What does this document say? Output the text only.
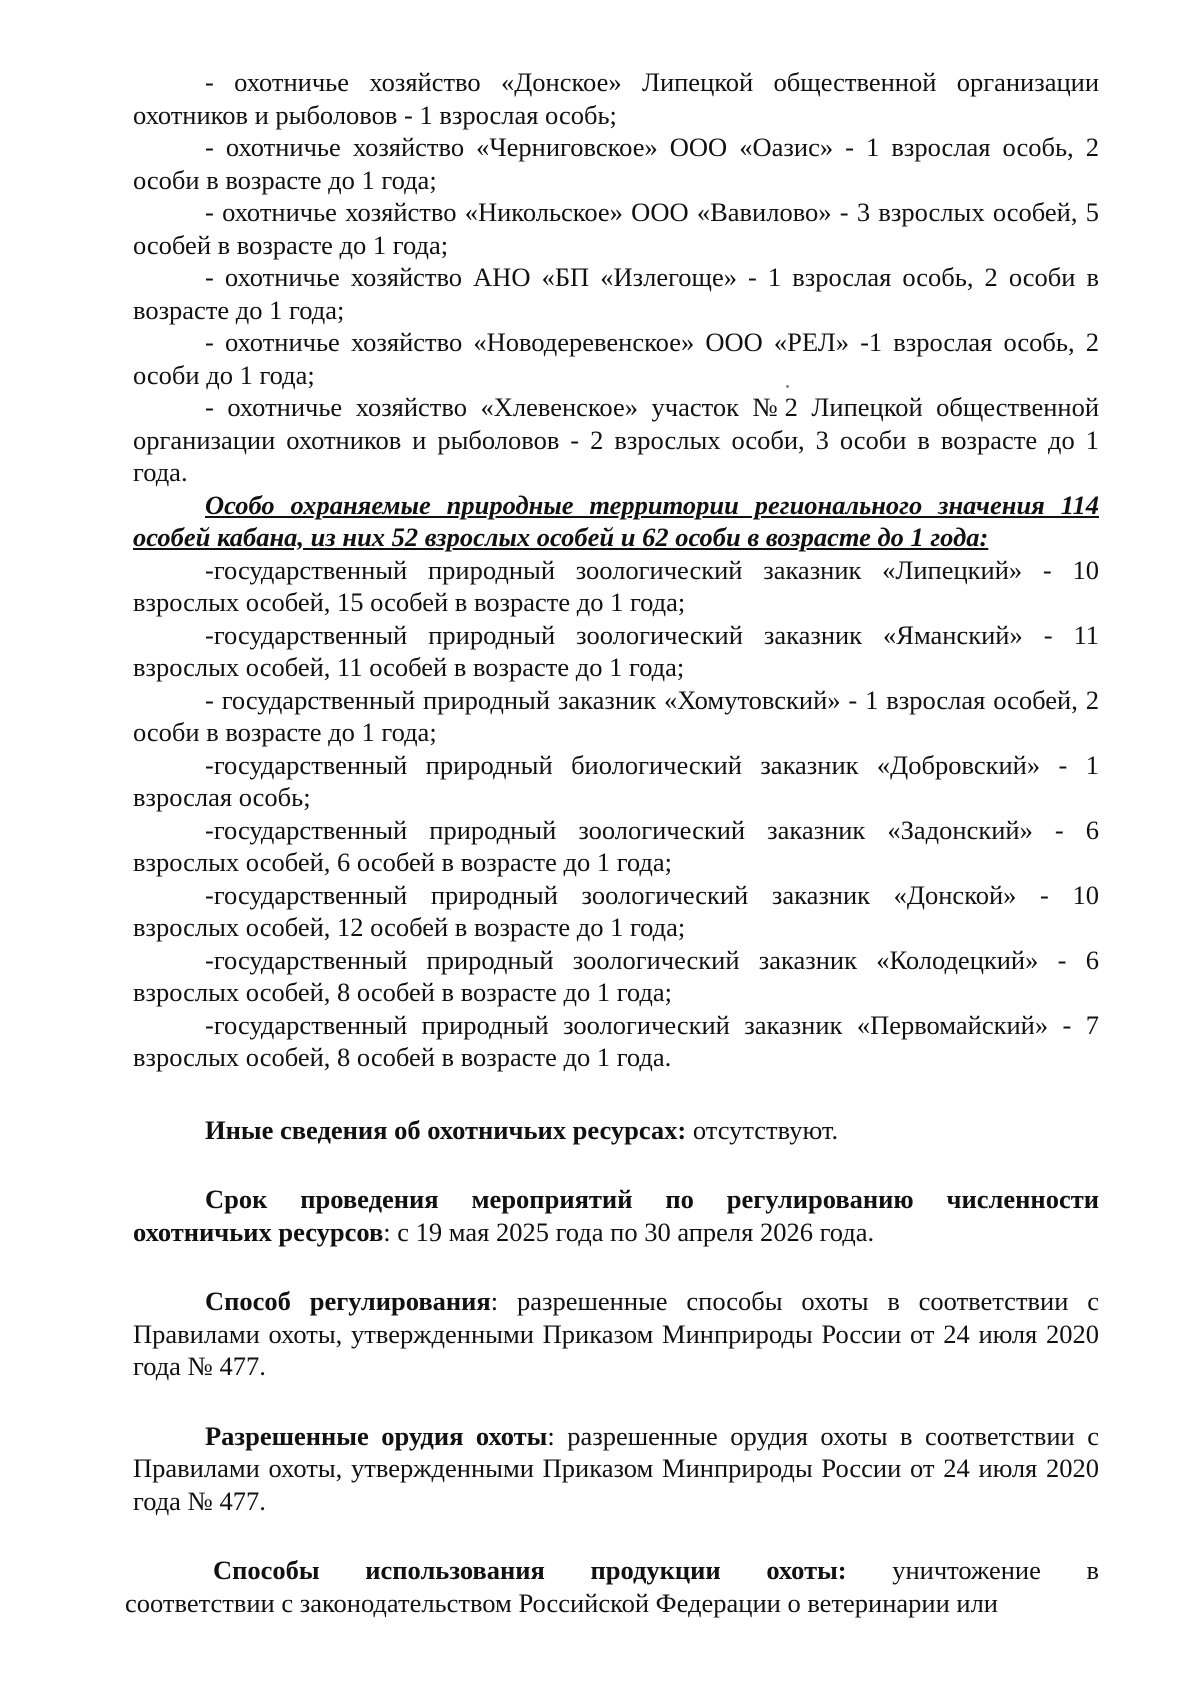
- охотничье хозяйство «Донское» Липецкой общественной организации охотников и рыболовов - 1 взрослая особь;

- охотничье хозяйство «Черниговское» ООО «Оазис» - 1 взрослая особь, 2 особи в возрасте до 1 года;

- охотничье хозяйство «Никольское» ООО «Вавилово» - 3 взрослых особей, 5 особей в возрасте до 1 года;

- охотничье хозяйство АНО «БП «Излегоще» - 1 взрослая особь, 2 особи в возрасте до 1 года;

- охотничье хозяйство «Новодеревенское» ООО «РЕЛ» -1 взрослая особь, 2 особи до 1 года;

- охотничье хозяйство «Хлевенское» участок №2 Липецкой общественной организации охотников и рыболовов - 2 взрослых особи, 3 особи в возрасте до 1 года.

Особо охраняемые природные территории регионального значения 114 особей кабана, из них 52 взрослых особей и 62 особи в возрасте до 1 года:

-государственный природный зоологический заказник «Липецкий» - 10 взрослых особей, 15 особей в возрасте до 1 года;

-государственный природный зоологический заказник «Яманский» - 11 взрослых особей, 11 особей в возрасте до 1 года;

- государственный природный заказник «Хомутовский» - 1 взрослая особей, 2 особи в возрасте до 1 года;

-государственный природный биологический заказник «Добровский» - 1 взрослая особь;

-государственный природный зоологический заказник «Задонский» - 6 взрослых особей, 6 особей в возрасте до 1 года;

-государственный природный зоологический заказник «Донской» - 10 взрослых особей, 12 особей в возрасте до 1 года;

-государственный природный зоологический заказник «Колодецкий» - 6 взрослых особей, 8 особей в возрасте до 1 года;

-государственный природный зоологический заказник «Первомайский» - 7 взрослых особей, 8 особей в возрасте до 1 года.

Иные сведения об охотничьих ресурсах: отсутствуют.

Срок проведения мероприятий по регулированию численности охотничьих ресурсов: с 19 мая 2025 года по 30 апреля 2026 года.

Способ регулирования: разрешенные способы охоты в соответствии с Правилами охоты, утвержденными Приказом Минприроды России от 24 июля 2020 года № 477.

Разрешенные орудия охоты: разрешенные орудия охоты в соответствии с Правилами охоты, утвержденными Приказом Минприроды России от 24 июля 2020 года № 477.

Способы использования продукции охоты: уничтожение в

соответствии с законодательством Российской Федерации о ветеринарии или
